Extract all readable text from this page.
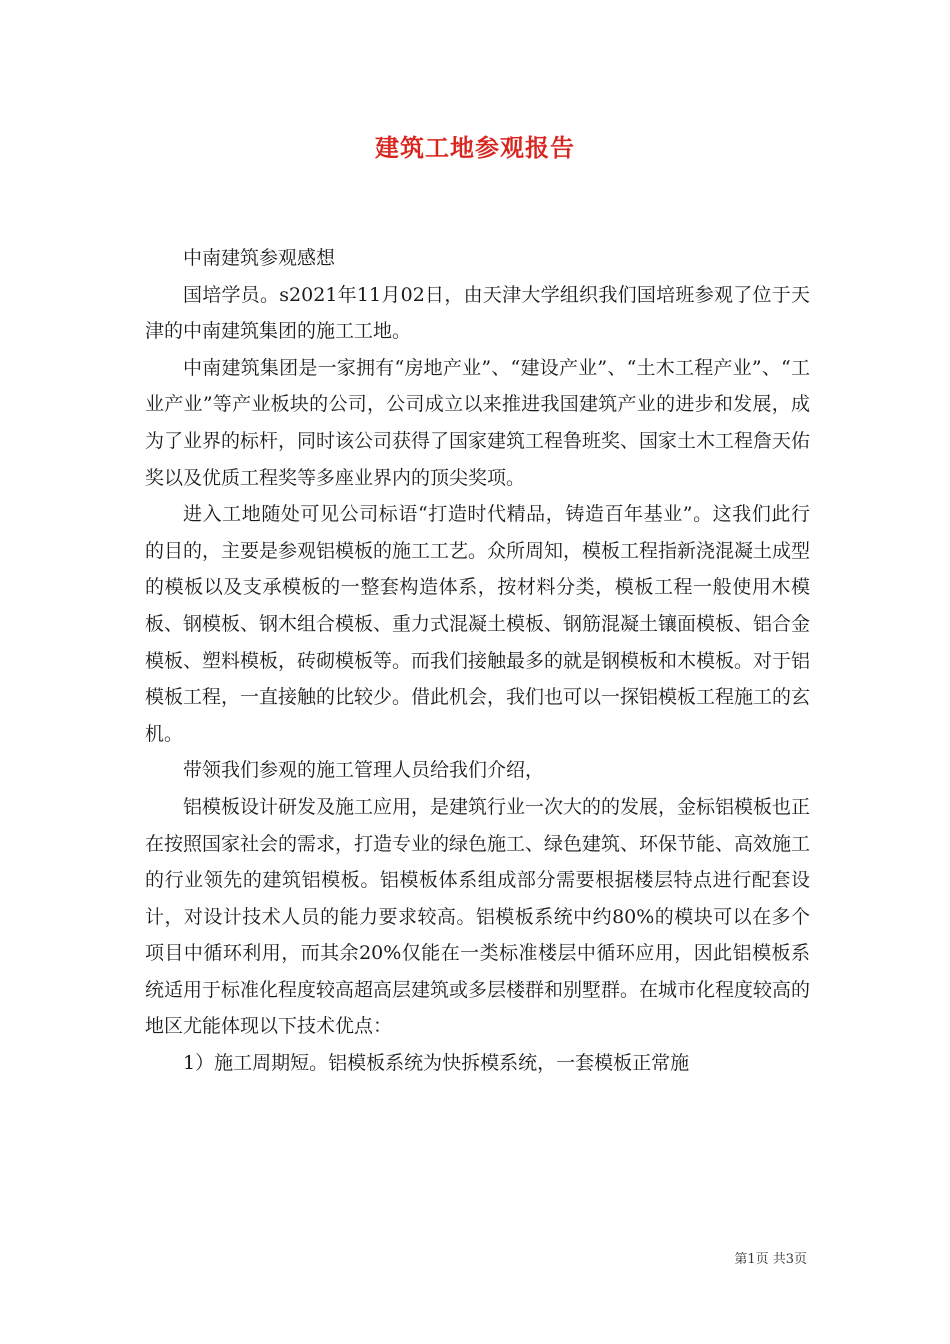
建筑工地参观报告

中南建筑参观感想

国培学员。s2021年11月02日，由天津大学组织我们国培班参观了位于天津的中南建筑集团的施工工地。

中南建筑集团是一家拥有“房地产业”、“建设产业”、“土木工程产业”、“工业产业”等产业板块的公司，公司成立以来推进我国建筑产业的进步和发展，成为了业界的标杆，同时该公司获得了国家建筑工程鲁班奖、国家土木工程詹天佑奖以及优质工程奖等多座业界内的顶尖奖项。

进入工地随处可见公司标语“打造时代精品，铸造百年基业”。这我们此行的目的，主要是参观铝模板的施工工艺。众所周知，模板工程指新浇混凝土成型的模板以及支承模板的一整套构造体系，按材料分类，模板工程一般使用木模板、钢模板、钢木组合模板、重力式混凝土模板、钢筋混凝土镶面模板、铝合金模板、塑料模板，砖砌模板等。而我们接触最多的就是钢模板和木模板。对于铝模板工程，一直接触的比较少。借此机会，我们也可以一探铝模板工程施工的玄机。

带领我们参观的施工管理人员给我们介绍，

铝模板设计研发及施工应用，是建筑行业一次大的的发展，金标铝模板也正在按照国家社会的需求，打造专业的绿色施工、绿色建筑、环保节能、高效施工的行业领先的建筑铝模板。铝模板体系组成部分需要根据楼层特点进行配套设计，对设计技术人员的能力要求较高。铝模板系统中约80%的模块可以在多个项目中循环利用，而其余20%仅能在一类标准楼层中循环应用，因此铝模板系统适用于标准化程度较高超高层建筑或多层楼群和别墅群。在城市化程度较高的地区尤能体现以下技术优点：

1）施工周期短。铝模板系统为快拆模系统，一套模板正常施

第1页 共3页
